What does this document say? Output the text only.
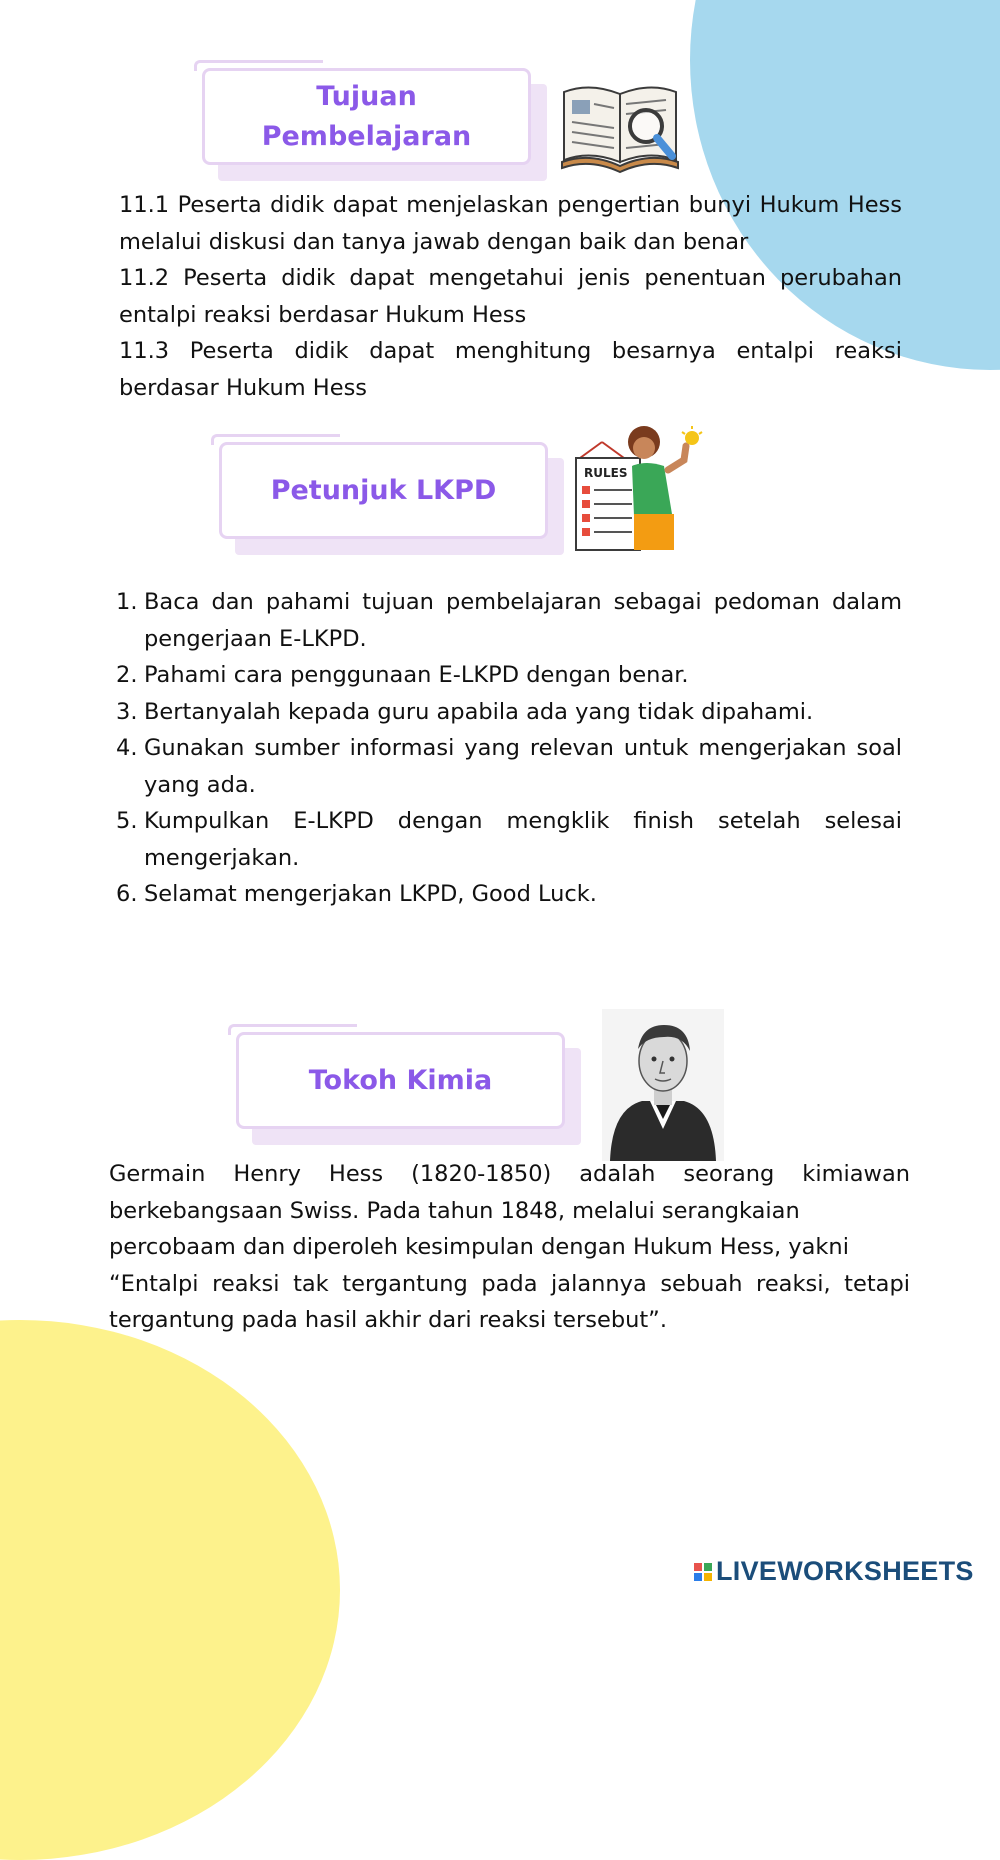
Tujuan
Pembelajaran
11.1 Peserta didik dapat menjelaskan pengertian bunyi Hukum Hess melalui diskusi dan tanya jawab dengan baik dan benar
11.2 Peserta didik dapat mengetahui jenis penentuan perubahan entalpi reaksi berdasar Hukum Hess
11.3 Peserta didik dapat menghitung besarnya entalpi reaksi berdasar Hukum Hess
Petunjuk LKPD
RULES
1. Baca dan pahami tujuan pembelajaran sebagai pedoman dalam pengerjaan E-LKPD.
2. Pahami cara penggunaan E-LKPD dengan benar.
3. Bertanyalah kepada guru apabila ada yang tidak dipahami.
4. Gunakan sumber informasi yang relevan untuk mengerjakan soal yang ada.
5. Kumpulkan E-LKPD dengan mengklik finish setelah selesai mengerjakan.
6. Selamat mengerjakan LKPD, Good Luck.
Tokoh Kimia
Germain Henry Hess (1820-1850) adalah seorang kimiawan berkebangsaan Swiss. Pada tahun 1848, melalui serangkaian
percobaam dan diperoleh kesimpulan dengan Hukum Hess, yakni
“Entalpi reaksi tak tergantung pada jalannya sebuah reaksi, tetapi tergantung pada hasil akhir dari reaksi tersebut”.
LIVEWORKSHEETS
